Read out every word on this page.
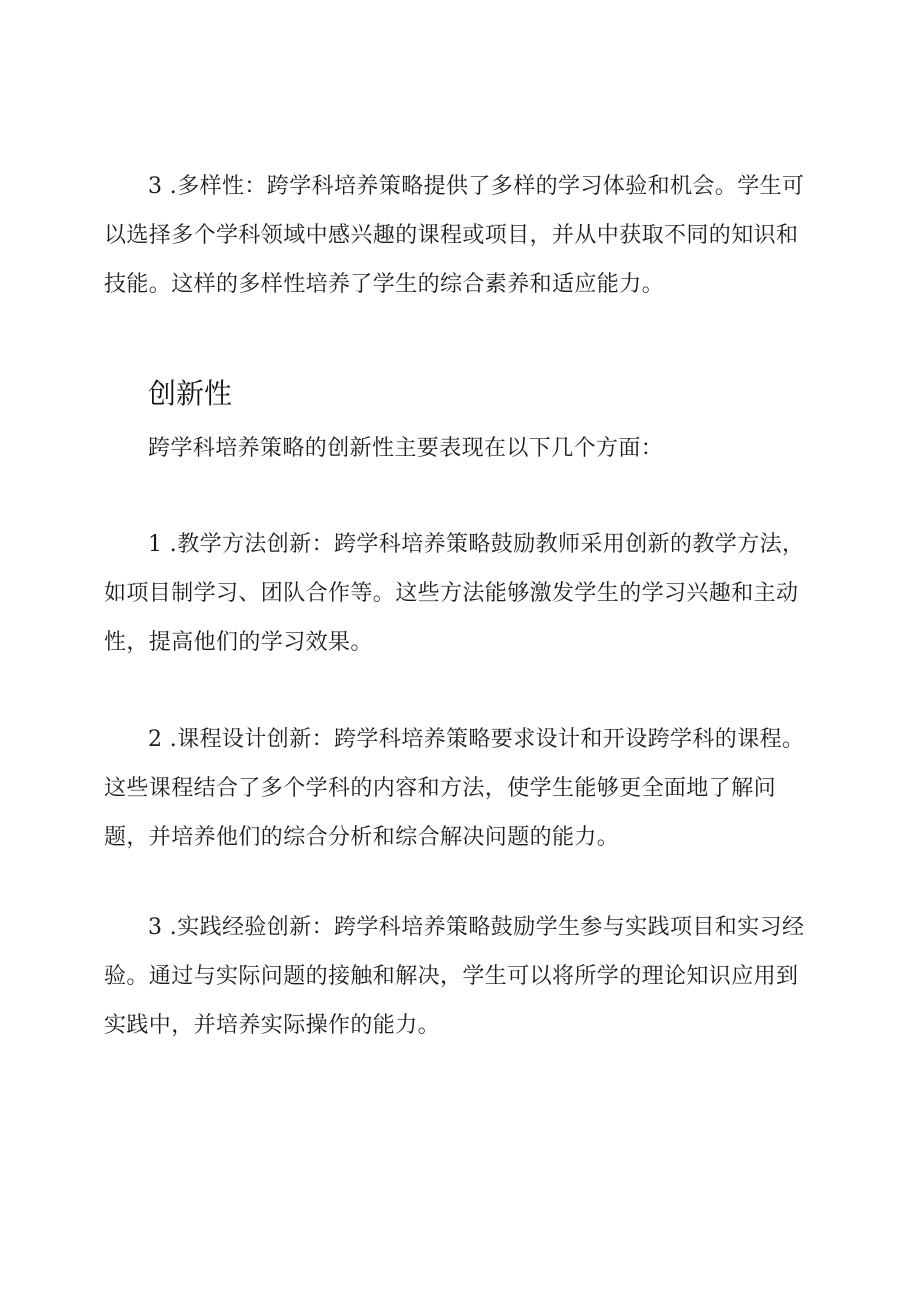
3 .多样性：跨学科培养策略提供了多样的学习体验和机会。学生可以选择多个学科领域中感兴趣的课程或项目，并从中获取不同的知识和技能。这样的多样性培养了学生的综合素养和适应能力。

创新性

跨学科培养策略的创新性主要表现在以下几个方面：

1 .教学方法创新：跨学科培养策略鼓励教师采用创新的教学方法，如项目制学习、团队合作等。这些方法能够激发学生的学习兴趣和主动性，提高他们的学习效果。

2 .课程设计创新：跨学科培养策略要求设计和开设跨学科的课程。这些课程结合了多个学科的内容和方法，使学生能够更全面地了解问题，并培养他们的综合分析和综合解决问题的能力。

3 .实践经验创新：跨学科培养策略鼓励学生参与实践项目和实习经验。通过与实际问题的接触和解决，学生可以将所学的理论知识应用到实践中，并培养实际操作的能力。
